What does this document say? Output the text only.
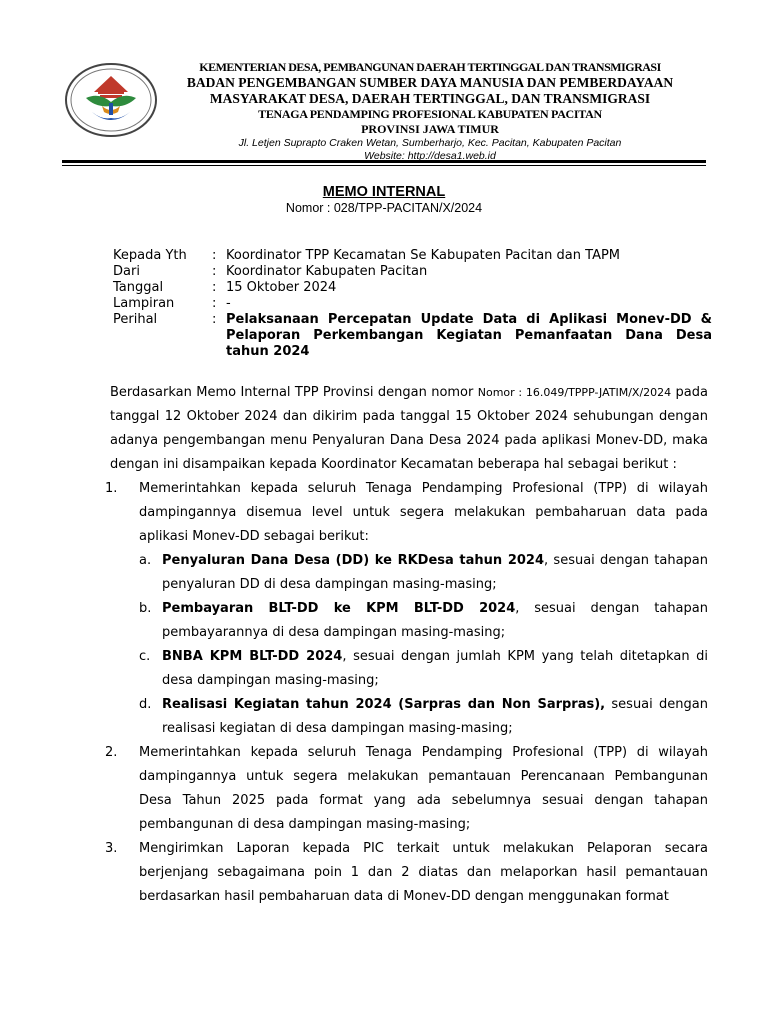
KEMENTERIAN DESA, PEMBANGUNAN DAERAH TERTINGGAL DAN TRANSMIGRASI
BADAN PENGEMBANGAN SUMBER DAYA MANUSIA DAN PEMBERDAYAAN
MASYARAKAT DESA, DAERAH TERTINGGAL, DAN TRANSMIGRASI
TENAGA PENDAMPING PROFESIONAL KABUPATEN PACITAN
PROVINSI JAWA TIMUR
Jl. Letjen Suprapto Craken Wetan, Sumberharjo, Kec. Pacitan, Kabupaten Pacitan
Website: http://desa1.web.id
MEMO INTERNAL
Nomor : 028/TPP-PACITAN/X/2024
Kepada Yth : Koordinator TPP Kecamatan Se Kabupaten Pacitan dan TAPM
Dari	: Koordinator Kabupaten Pacitan
Tanggal	: 15 Oktober 2024
Lampiran	: -
Perihal	: Pelaksanaan Percepatan Update Data di Aplikasi Monev-DD & Pelaporan Perkembangan Kegiatan Pemanfaatan Dana Desa tahun 2024

Berdasarkan Memo Internal TPP Provinsi dengan nomor Nomor : 16.049/TPPP-JATIM/X/2024 pada tanggal 12 Oktober 2024 dan dikirim pada tanggal 15 Oktober 2024 sehubungan dengan adanya pengembangan menu Penyaluran Dana Desa 2024 pada aplikasi Monev-DD, maka dengan ini disampaikan kepada Koordinator Kecamatan beberapa hal sebagai berikut :

1. Memerintahkan kepada seluruh Tenaga Pendamping Profesional (TPP) di wilayah dampingannya disemua level untuk segera melakukan pembaharuan data pada aplikasi Monev-DD sebagai berikut:
a. Penyaluran Dana Desa (DD) ke RKDesa tahun 2024, sesuai dengan tahapan penyaluran DD di desa dampingan masing-masing;
b. Pembayaran BLT-DD ke KPM BLT-DD 2024, sesuai dengan tahapan pembayarannya di desa dampingan masing-masing;
c. BNBA KPM BLT-DD 2024, sesuai dengan jumlah KPM yang telah ditetapkan di desa dampingan masing-masing;
d. Realisasi Kegiatan tahun 2024 (Sarpras dan Non Sarpras), sesuai dengan realisasi kegiatan di desa dampingan masing-masing;
2. Memerintahkan kepada seluruh Tenaga Pendamping Profesional (TPP) di wilayah dampingannya untuk segera melakukan pemantauan Perencanaan Pembangunan Desa Tahun 2025 pada format yang ada sebelumnya sesuai dengan tahapan pembangunan di desa dampingan masing-masing;
3. Mengirimkan Laporan kepada PIC terkait untuk melakukan Pelaporan secara berjenjang sebagaimana poin 1 dan 2 diatas dan melaporkan hasil pemantauan berdasarkan hasil pembaharuan data di Monev-DD dengan menggunakan format
